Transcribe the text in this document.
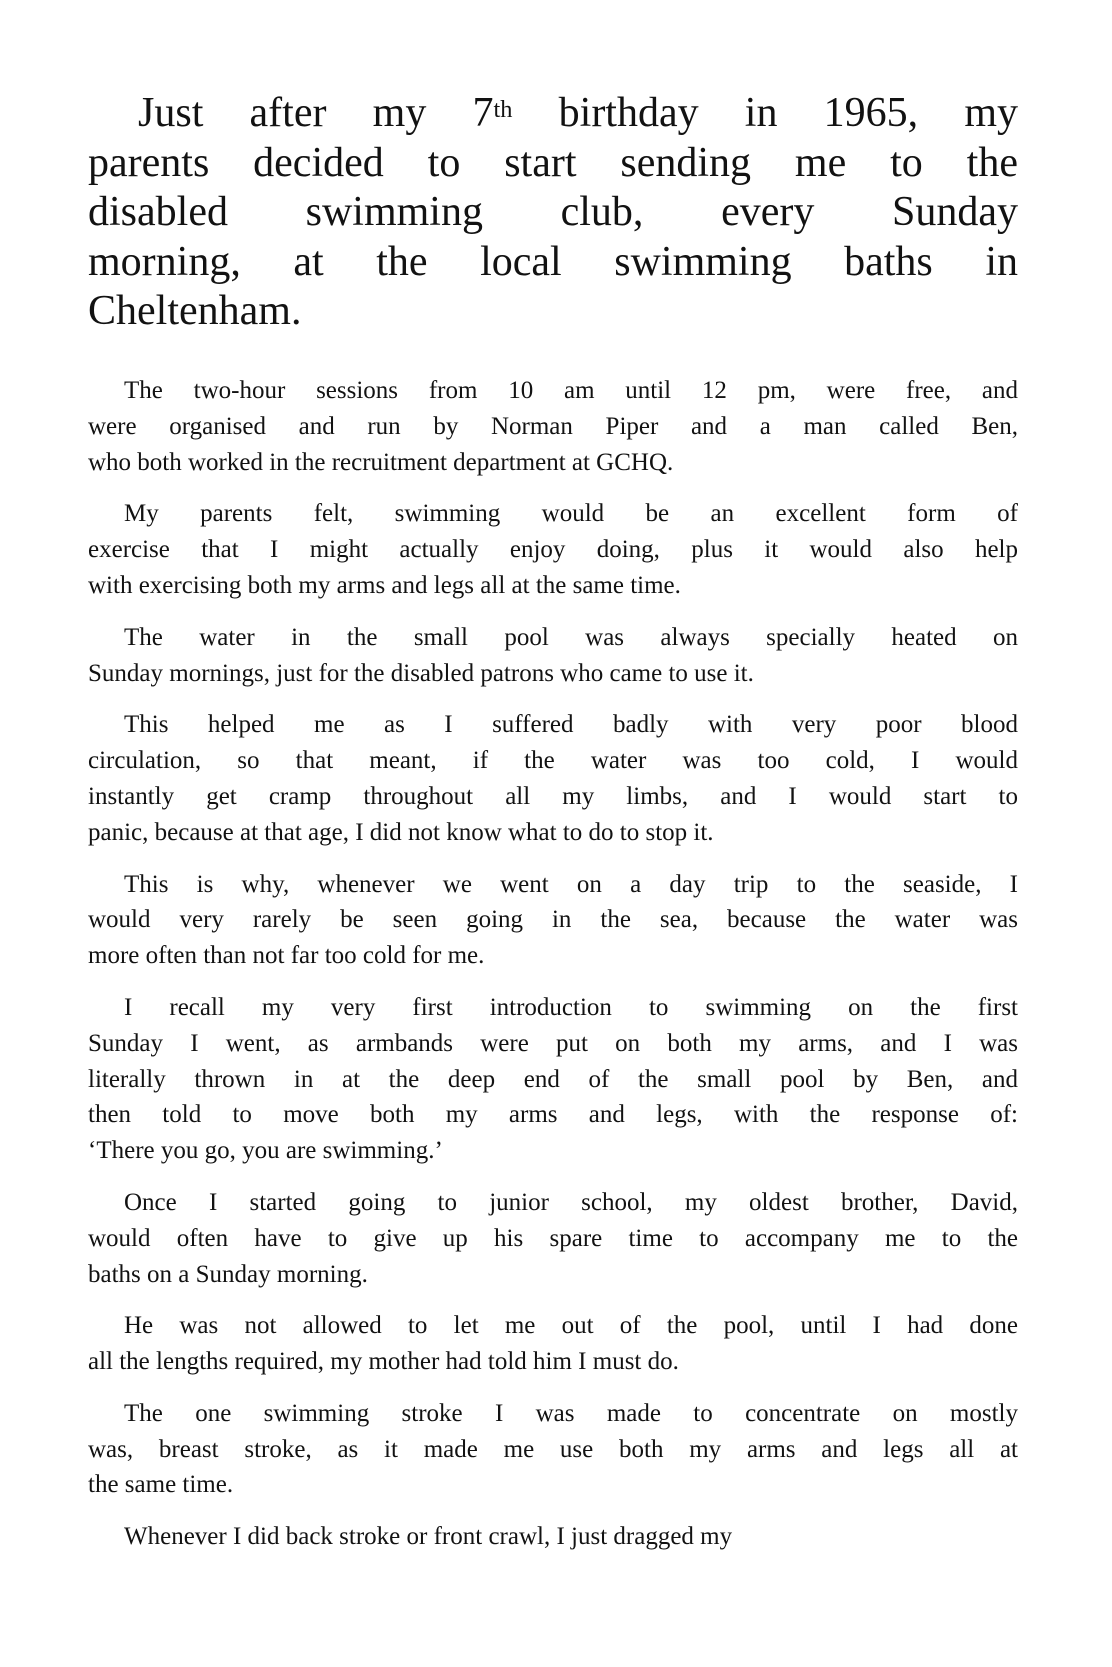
Just after my 7th birthday in 1965, my
parents decided to start sending me to the
disabled swimming club, every Sunday
morning, at the local swimming baths in
Cheltenham.
The two-hour sessions from 10 am until 12 pm, were free, and
were organised and run by Norman Piper and a man called Ben,
who both worked in the recruitment department at GCHQ.
My parents felt, swimming would be an excellent form of
exercise that I might actually enjoy doing, plus it would also help
with exercising both my arms and legs all at the same time.
The water in the small pool was always specially heated on
Sunday mornings, just for the disabled patrons who came to use it.
This helped me as I suffered badly with very poor blood
circulation, so that meant, if the water was too cold, I would
instantly get cramp throughout all my limbs, and I would start to
panic, because at that age, I did not know what to do to stop it.
This is why, whenever we went on a day trip to the seaside, I
would very rarely be seen going in the sea, because the water was
more often than not far too cold for me.
I recall my very first introduction to swimming on the first
Sunday I went, as armbands were put on both my arms, and I was
literally thrown in at the deep end of the small pool by Ben, and
then told to move both my arms and legs, with the response of:
‘There you go, you are swimming.’
Once I started going to junior school, my oldest brother, David,
would often have to give up his spare time to accompany me to the
baths on a Sunday morning.
He was not allowed to let me out of the pool, until I had done
all the lengths required, my mother had told him I must do.
The one swimming stroke I was made to concentrate on mostly
was, breast stroke, as it made me use both my arms and legs all at
the same time.
Whenever I did back stroke or front crawl, I just dragged my
